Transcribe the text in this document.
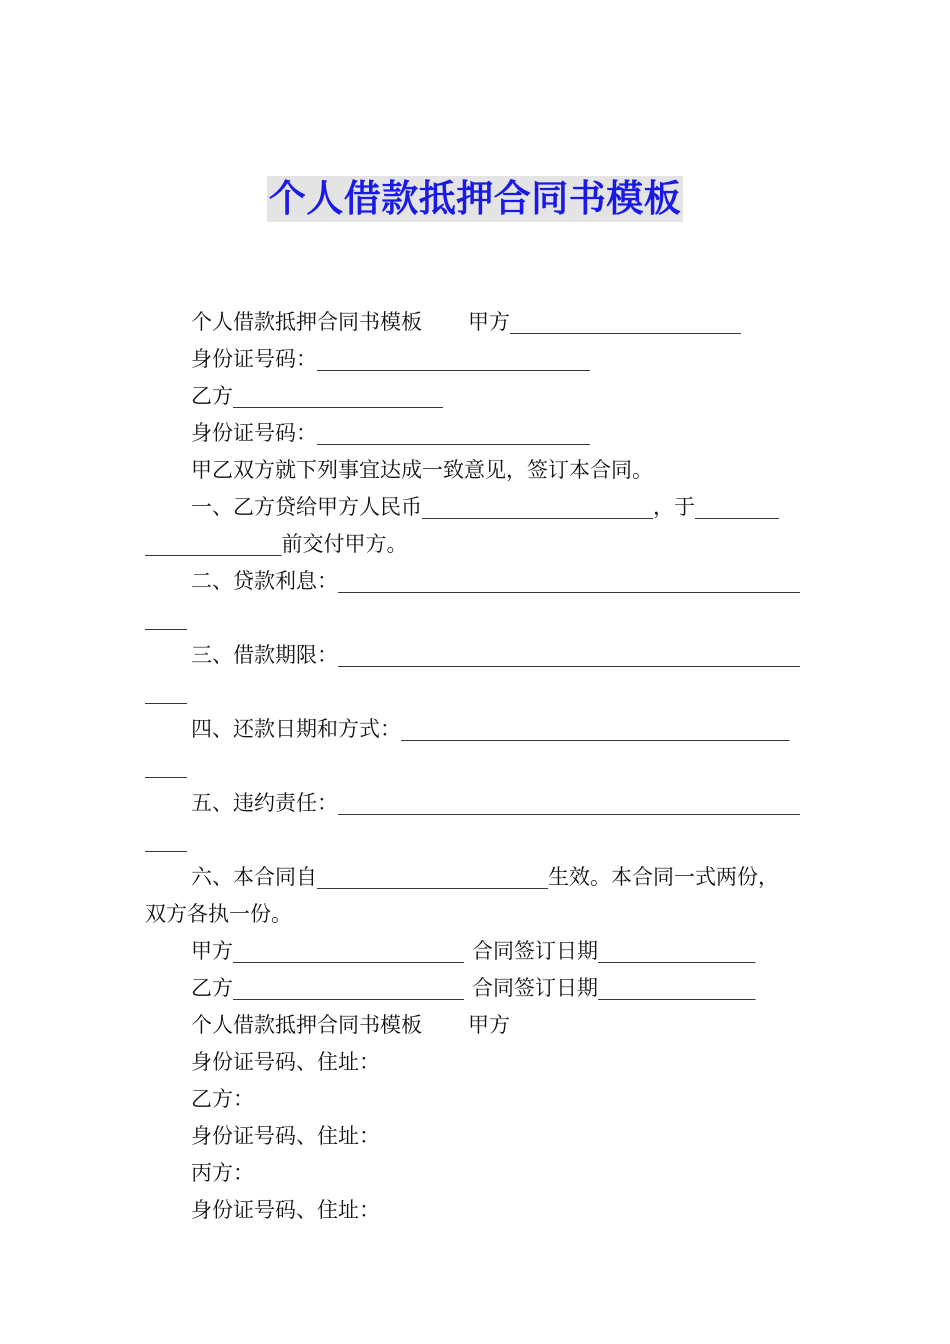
个人借款抵押合同书模板

个人借款抵押合同书模板 甲方______________________

身份证号码：__________________________

乙方____________________

身份证号码：__________________________

甲乙双方就下列事宜达成一致意见，签订本合同。

一、乙方贷给甲方人民币______________________，于________

_____________前交付甲方。

二、贷款利息：____________________________________________

____

三、借款期限：____________________________________________

____

四、还款日期和方式：_____________________________________

____

五、违约责任：____________________________________________

____

六、本合同自______________________生效。本合同一式两份，

双方各执一份。

甲方______________________ 合同签订日期_______________

乙方______________________ 合同签订日期_______________

个人借款抵押合同书模板 甲方

身份证号码、住址：

乙方：

身份证号码、住址：

丙方：

身份证号码、住址：
